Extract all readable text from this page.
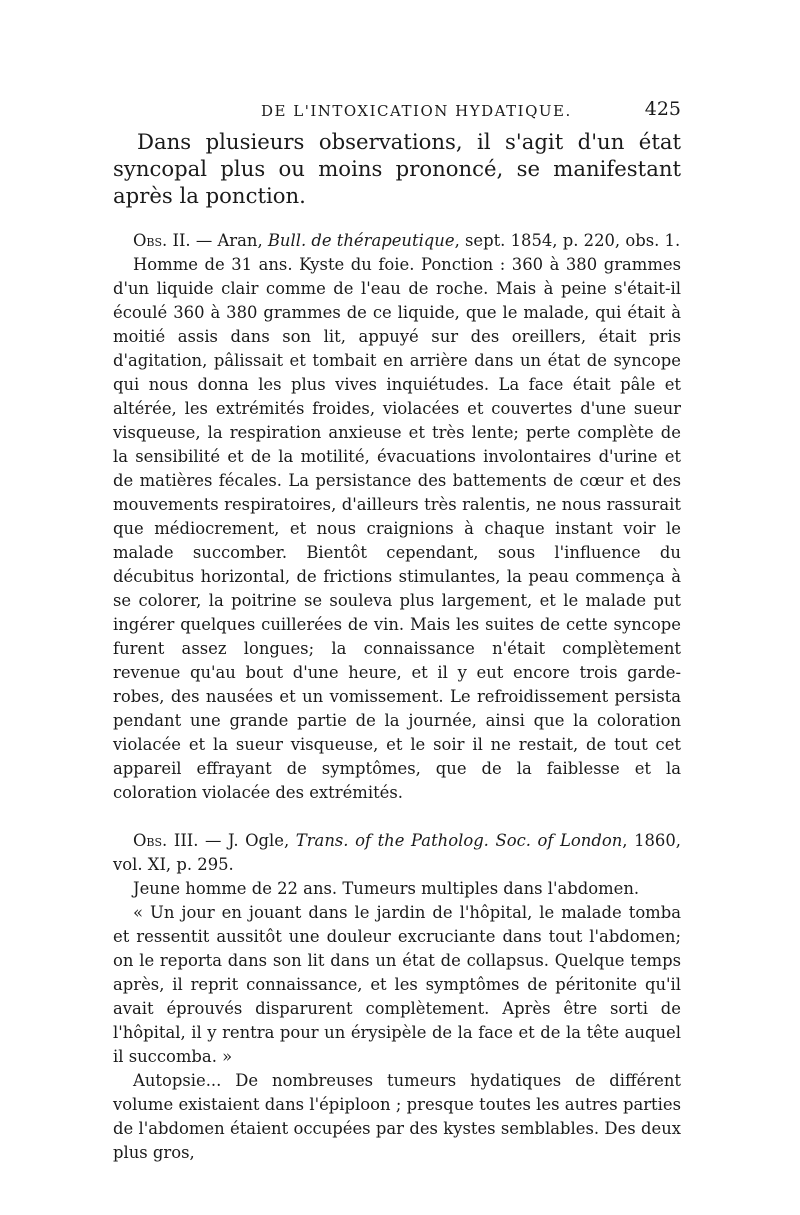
DE L'INTOXICATION HYDATIQUE.	425

Dans plusieurs observations, il s'agit d'un état syncopal plus ou moins prononcé, se manifestant après la ponction.

Obs. II. — Aran, Bull. de thérapeutique, sept. 1854, p. 220, obs. 1.

Homme de 31 ans. Kyste du foie. Ponction : 360 à 380 grammes d'un liquide clair comme de l'eau de roche. Mais à peine s'était-il écoulé 360 à 380 grammes de ce liquide, que le malade, qui était à moitié assis dans son lit, appuyé sur des oreillers, était pris d'agitation, pâlissait et tombait en arrière dans un état de syncope qui nous donna les plus vives inquiétudes. La face était pâle et altérée, les extrémités froides, violacées et couvertes d'une sueur visqueuse, la respiration anxieuse et très lente; perte complète de la sensibilité et de la motilité, évacuations involontaires d'urine et de matières fécales. La persistance des battements de cœur et des mouvements respiratoires, d'ailleurs très ralentis, ne nous rassurait que médiocrement, et nous craignions à chaque instant voir le malade succomber. Bientôt cependant, sous l'influence du décubitus horizontal, de frictions stimulantes, la peau commença à se colorer, la poitrine se souleva plus largement, et le malade put ingérer quelques cuillerées de vin. Mais les suites de cette syncope furent assez longues; la connaissance n'était complètement revenue qu'au bout d'une heure, et il y eut encore trois garde-robes, des nausées et un vomissement. Le refroidissement persista pendant une grande partie de la journée, ainsi que la coloration violacée et la sueur visqueuse, et le soir il ne restait, de tout cet appareil effrayant de symptômes, que de la faiblesse et la coloration violacée des extrémités.

Obs. III. — J. Ogle, Trans. of the Patholog. Soc. of London, 1860, vol. XI, p. 295.

Jeune homme de 22 ans. Tumeurs multiples dans l'abdomen.

« Un jour en jouant dans le jardin de l'hôpital, le malade tomba et ressentit aussitôt une douleur excruciante dans tout l'abdomen; on le reporta dans son lit dans un état de collapsus. Quelque temps après, il reprit connaissance, et les symptômes de péritonite qu'il avait éprouvés disparurent complètement. Après être sorti de l'hôpital, il y rentra pour un érysipèle de la face et de la tête auquel il succomba. »

Autopsie... De nombreuses tumeurs hydatiques de différent volume existaient dans l'épiploon ; presque toutes les autres parties de l'abdomen étaient occupées par des kystes semblables. Des deux plus gros,
